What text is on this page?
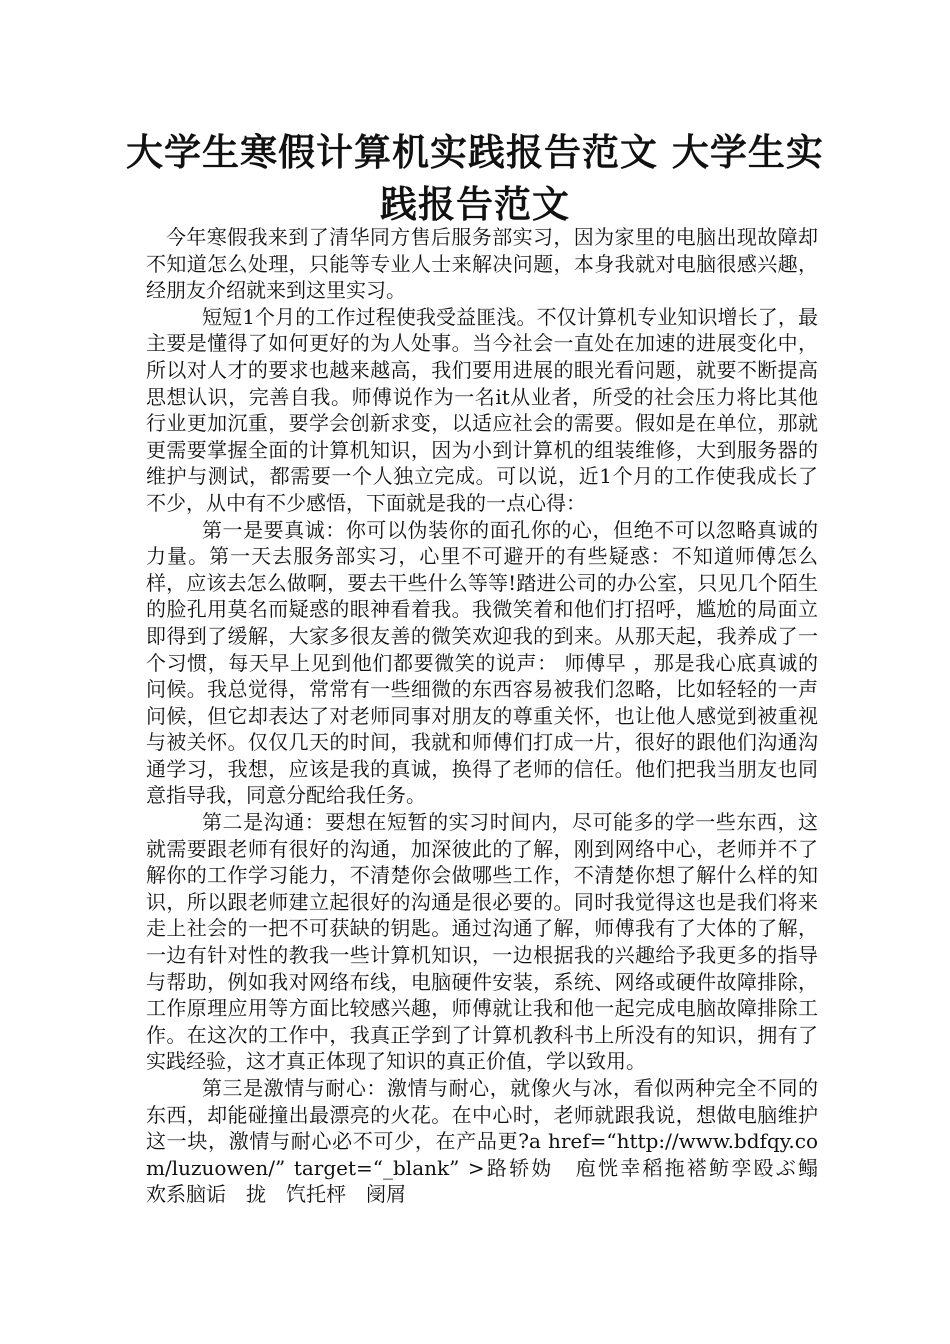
大学生寒假计算机实践报告范文 大学生实
践报告范文

今年寒假我来到了清华同方售后服务部实习，因为家里的电脑出现故障却不知道怎么处理，只能等专业人士来解决问题，本身我就对电脑很感兴趣，经朋友介绍就来到这里实习。

短短1个月的工作过程使我受益匪浅。不仅计算机专业知识增长了，最主要是懂得了如何更好的为人处事。当今社会一直处在加速的进展变化中，所以对人才的要求也越来越高，我们要用进展的眼光看问题，就要不断提高思想认识，完善自我。师傅说作为一名it从业者，所受的社会压力将比其他行业更加沉重，要学会创新求变，以适应社会的需要。假如是在单位，那就更需要掌握全面的计算机知识，因为小到计算机的组装维修，大到服务器的维护与测试，都需要一个人独立完成。可以说，近1个月的工作使我成长了不少，从中有不少感悟，下面就是我的一点心得：

第一是要真诚：你可以伪装你的面孔你的心，但绝不可以忽略真诚的力量。第一天去服务部实习，心里不可避开的有些疑惑：不知道师傅怎么样，应该去怎么做啊，要去干些什么等等!踏进公司的办公室，只见几个陌生的脸孔用莫名而疑惑的眼神看着我。我微笑着和他们打招呼，尴尬的局面立即得到了缓解，大家多很友善的微笑欢迎我的到来。从那天起，我养成了一个习惯，每天早上见到他们都要微笑的说声： 师傅早 ，那是我心底真诚的问候。我总觉得，常常有一些细微的东西容易被我们忽略，比如轻轻的一声问候，但它却表达了对老师同事对朋友的尊重关怀，也让他人感觉到被重视与被关怀。仅仅几天的时间，我就和师傅们打成一片，很好的跟他们沟通沟通学习，我想，应该是我的真诚，换得了老师的信任。他们把我当朋友也同意指导我，同意分配给我任务。

第二是沟通：要想在短暂的实习时间内，尽可能多的学一些东西，这就需要跟老师有很好的沟通，加深彼此的了解，刚到网络中心，老师并不了解你的工作学习能力，不清楚你会做哪些工作，不清楚你想了解什么样的知识，所以跟老师建立起很好的沟通是很必要的。同时我觉得这也是我们将来走上社会的一把不可获缺的钥匙。通过沟通了解，师傅我有了大体的了解，一边有针对性的教我一些计算机知识，一边根据我的兴趣给予我更多的指导与帮助，例如我对网络布线，电脑硬件安装，系统、网络或硬件故障排除，工作原理应用等方面比较感兴趣，师傅就让我和他一起完成电脑故障排除工作。在这次的工作中，我真正学到了计算机教科书上所没有的知识，拥有了实践经验，这才真正体现了知识的真正价值，学以致用。

第三是激情与耐心：激情与耐心，就像火与冰，看似两种完全不同的东西，却能碰撞出最漂亮的火花。在中心时，老师就跟我说，想做电脑维护这一块，激情与耐心必不可少，在产品更?a href=“http://www.bdfqy.com/luzuowen/” target=“_blank” >路轿妫　庖恍幸稻拖褡鲂孪殴ぶ鳎　欢系脑诟　拢　饩托枰　阌屑
